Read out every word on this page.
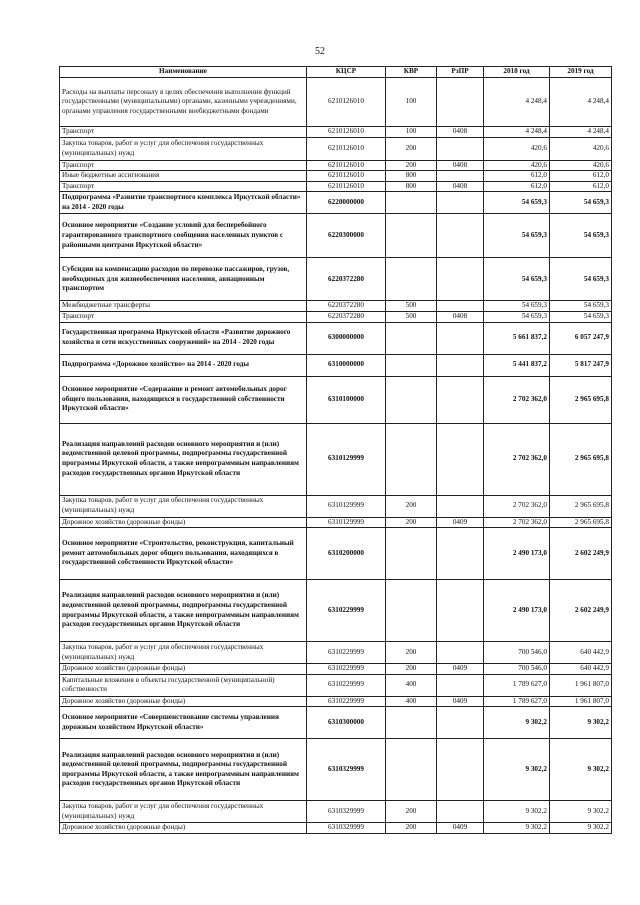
52
Наименование	КЦСР	КВР	РзПР	2018 год	2019 год
Расходы на выплаты персоналу в целях обеспечения выполнения функций государственными (муниципальными) органами, казенными учреждениями, органами управления государственными внебюджетными фондами	6210126010	100		4 248,4	4 248,4
Транспорт	6210126010	100	0408	4 248,4	4 248,4
Закупка товаров, работ и услуг для обеспечения государственных (муниципальных) нужд	6210126010	200		420,6	420,6
Транспорт	6210126010	200	0408	420,6	420,6
Иные бюджетные ассигнования	6210126010	800		612,0	612,0
Транспорт	6210126010	800	0408	612,0	612,0
Подпрограмма «Развитие транспортного комплекса Иркутской области» на 2014 - 2020 годы	6220000000			54 659,3	54 659,3
Основное мероприятие «Создание условий для бесперебойного гарантированного транспортного сообщения населенных пунктов с районными центрами Иркутской области»	6220300000			54 659,3	54 659,3
Субсидии на компенсацию расходов по перевозке пассажиров, грузов, необходимых для жизнеобеспечения населения, авиационным транспортом	6220372280			54 659,3	54 659,3
Межбюджетные трансферты	6220372280	500		54 659,3	54 659,3
Транспорт	6220372280	500	0408	54 659,3	54 659,3
Государственная программа Иркутской области «Развитие дорожного хозяйства и сети искусственных сооружений» на 2014 - 2020 годы	6300000000			5 661 837,2	6 057 247,9
Подпрограмма «Дорожное хозяйство» на 2014 - 2020 годы	6310000000			5 441 837,2	5 817 247,9
Основное мероприятие «Содержание и ремонт автомобильных дорог общего пользования, находящихся в государственной собственности Иркутской области»	6310100000			2 702 362,0	2 965 695,8
Реализация направлений расходов основного мероприятия и (или) ведомственной целевой программы, подпрограммы государственной программы Иркутской области, а также непрограммным направлениям расходов государственных органов Иркутской области	6310129999			2 702 362,0	2 965 695,8
Закупка товаров, работ и услуг для обеспечения государственных (муниципальных) нужд	6310129999	200		2 702 362,0	2 965 695,8
Дорожное хозяйство (дорожные фонды)	6310129999	200	0409	2 702 362,0	2 965 695,8
Основное мероприятие «Строительство, реконструкция, капитальный ремонт автомобильных дорог общего пользования, находящихся в государственной собственности Иркутской области»	6310200000			2 490 173,0	2 602 249,9
Реализация направлений расходов основного мероприятия и (или) ведомственной целевой программы, подпрограммы государственной программы Иркутской области, а также непрограммным направлениям расходов государственных органов Иркутской области	6310229999			2 490 173,0	2 602 249,9
Закупка товаров, работ и услуг для обеспечения государственных (муниципальных) нужд	6310229999	200		700 546,0	640 442,9
Дорожное хозяйство (дорожные фонды)	6310229999	200	0409	700 546,0	640 442,9
Капитальные вложения в объекты государственной (муниципальной) собственности	6310229999	400		1 789 627,0	1 961 807,0
Дорожное хозяйство (дорожные фонды)	6310229999	400	0409	1 789 627,0	1 961 807,0
Основное мероприятие «Совершенствование системы управления дорожным хозяйством Иркутской области»	6310300000			9 302,2	9 302,2
Реализация направлений расходов основного мероприятия и (или) ведомственной целевой программы, подпрограммы государственной программы Иркутской области, а также непрограммным направлениям расходов государственных органов Иркутской области	6310329999			9 302,2	9 302,2
Закупка товаров, работ и услуг для обеспечения государственных (муниципальных) нужд	6310329999	200		9 302,2	9 302,2
Дорожное хозяйство (дорожные фонды)	6310329999	200	0409	9 302,2	9 302,2
